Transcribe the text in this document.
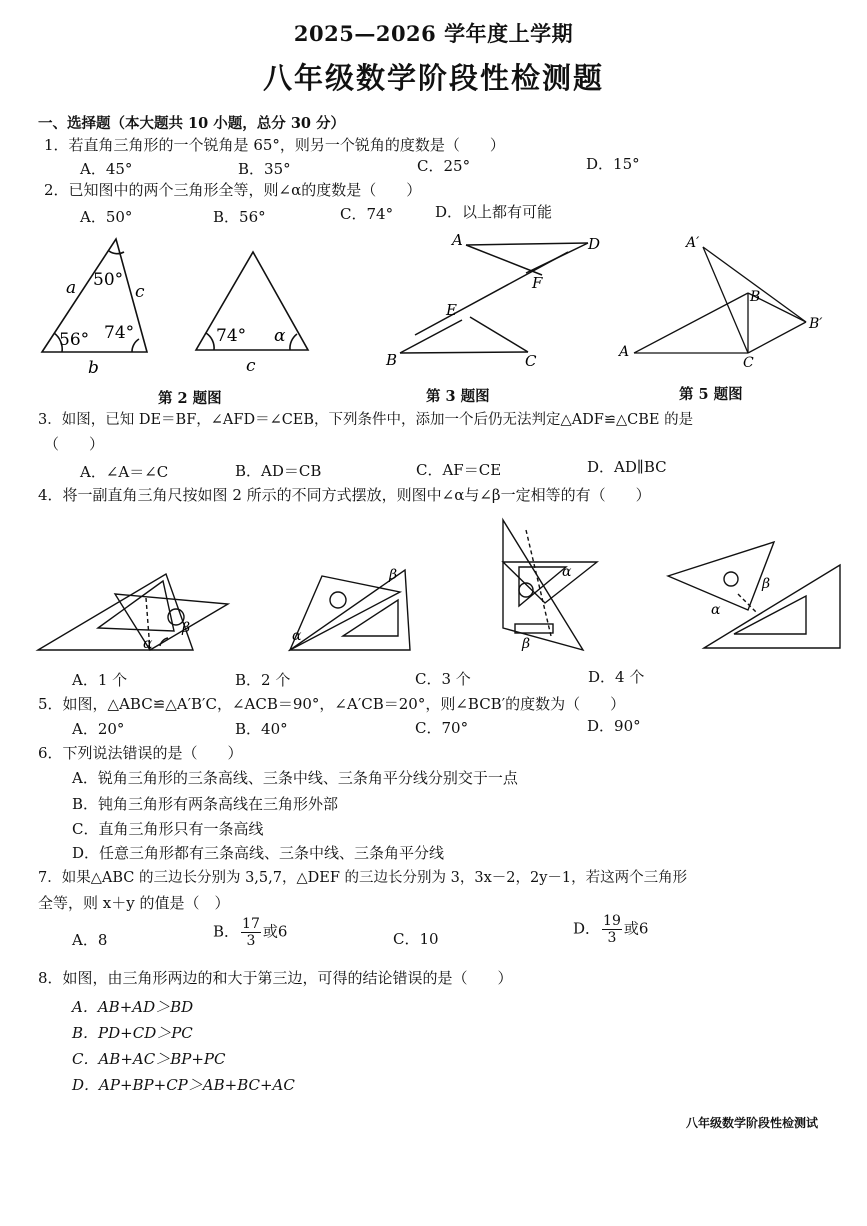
2025—2026 学年度上学期
八年级数学阶段性检测题
一、选择题（本大题共 10 小题，总分 30 分）
1．若直角三角形的一个锐角是 65°，则另一个锐角的度数是（　　）
A．45°	B．35°	C．25°	D．15°
2．已知图中的两个三角形全等，则∠α的度数是（　　）
A．50°	B．56°	C．74°	D．以上都有可能
a	c
b
50°
56° 74°	74° α
c
A	D
F
E
B	C
A′
B
B′
A
C
第 2 题图	第 3 题图	第 5 题图
3．如图，已知 DE＝BF，∠AFD＝∠CEB，下列条件中，添加一个后仍无法判定△ADF≌△CBE 的是
（　　）
A．∠A＝∠C	B．AD＝CB	C．AF＝CE	D．AD∥BC
4．将一副直角三角尺按如图 2 所示的不同方式摆放，则图中∠α与∠β一定相等的有（　　）
α
β	α
β	α
β
α
β
A．1 个	B．2 个	C．3 个	D．4 个
5．如图，△ABC≌△A′B′C，∠ACB＝90°，∠A′CB＝20°，则∠BCB′的度数为（　　）
A．20°	B．40°	C．70°	D．90°
6．下列说法错误的是（　　）
A．锐角三角形的三条高线、三条中线、三条角平分线分别交于一点
B．钝角三角形有两条高线在三角形外部
C．直角三角形只有一条高线
D．任意三角形都有三条高线、三条中线、三条角平分线
7．如果△ABC 的三边长分别为 3,5,7，△DEF 的三边长分别为 3，3x－2，2y－1，若这两个三角形
全等，则 x＋y 的值是（　）
A．8	B． $\frac{17}{3}$ 或6	C．10
D． $\frac{19}{3}$ 或6
8．如图，由三角形两边的和大于第三边，可得的结论错误的是（　　）
A．AB+AD＞BD
B．PD+CD＞PC
C．AB+AC＞BP+PC
D．AP+BP+CP＞AB+BC+AC
八年级数学阶段性检测试
